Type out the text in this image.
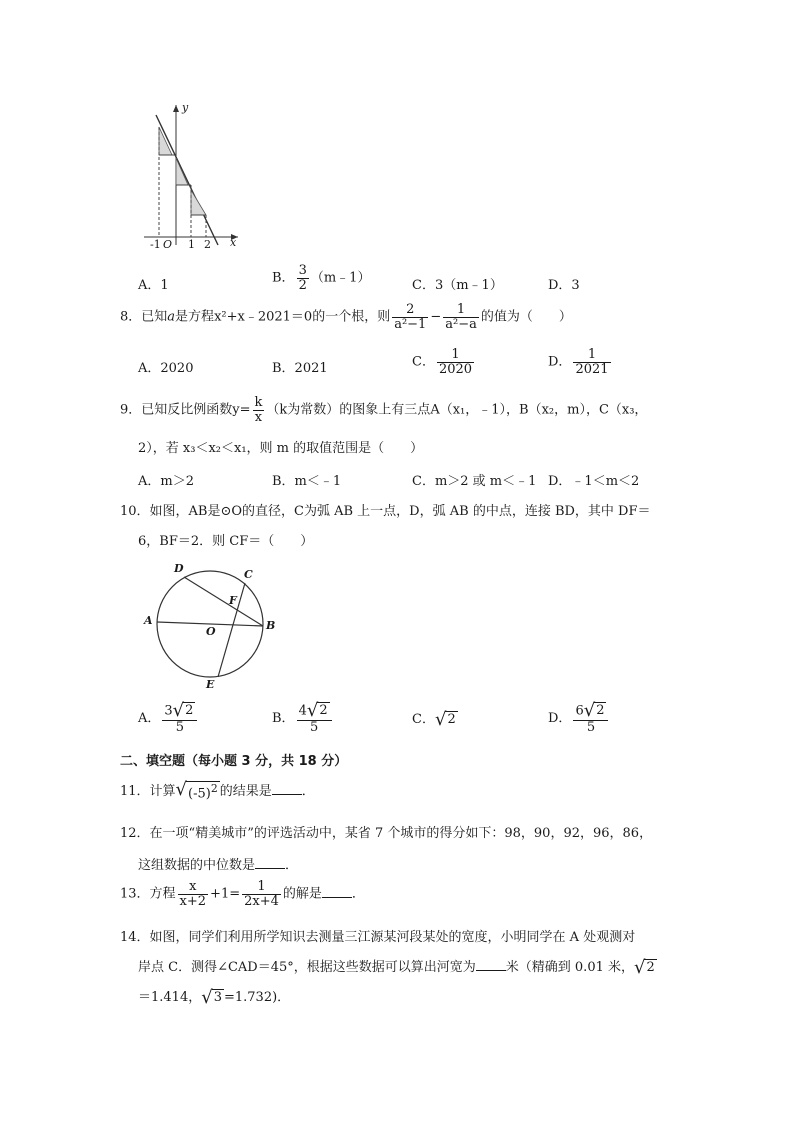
y
x
-1 O 1 2
A．1	B． $\frac{3}{2}$ （m﹣1）	C．3（m﹣1）	D．3
8．已知a是方程x²+x﹣2021＝0的一个根，则 $\frac{2}{\text{a²−1}} - \frac{1}{\text{a²−a}}$ 的值为（　　）
A．2020	B．2021	C． $\frac{1}{2020}$	D． $\frac{1}{2021}$
9．已知反比例函数$y= \frac{k}{x} (k$为常数）的图象上有三点A（x₁，﹣1），B（x₂，m），C（x₃，
2），若 x₃＜x₂＜x₁，则 m 的取值范围是（　　）
A．m＞2	B．m＜﹣1	C．m＞2 或 m＜﹣1 D．﹣1＜m＜2
10．如图，AB是⊙O的直径，C为弧 AB 上一点，D，弧 AB 的中点，连接 BD，其中 DF＝
6，BF＝2．则 CF＝（　　）
D	C
F
A
O	B
E
A． $\frac{3 √ 2}{5}$	B． $\frac{4 √ 2}{5}$	C． √ 2	D． $\frac{6 √ 2}{5}$
二、填空题（每小题 3 分，共 18 分）
11．计算 √ $(-5)^2$ 的结果是 ．
12．在一项“精美城市”的评选活动中，某省 7 个城市的得分如下：98，90，92，96，86，
这组数据的中位数是 ．
13．方程 $\frac{x}{x+2} +1= \frac{1}{2x+4}$ 的解是 ．
14．如图，同学们利用所学知识去测量三江源某河段某处的宽度，小明同学在 A 处观测对
岸点 C．测得∠CAD＝45°，根据这些数据可以算出河宽为 米（精确到 0.01 米， √ 2
＝1.414， √ 3 =1.732)．
